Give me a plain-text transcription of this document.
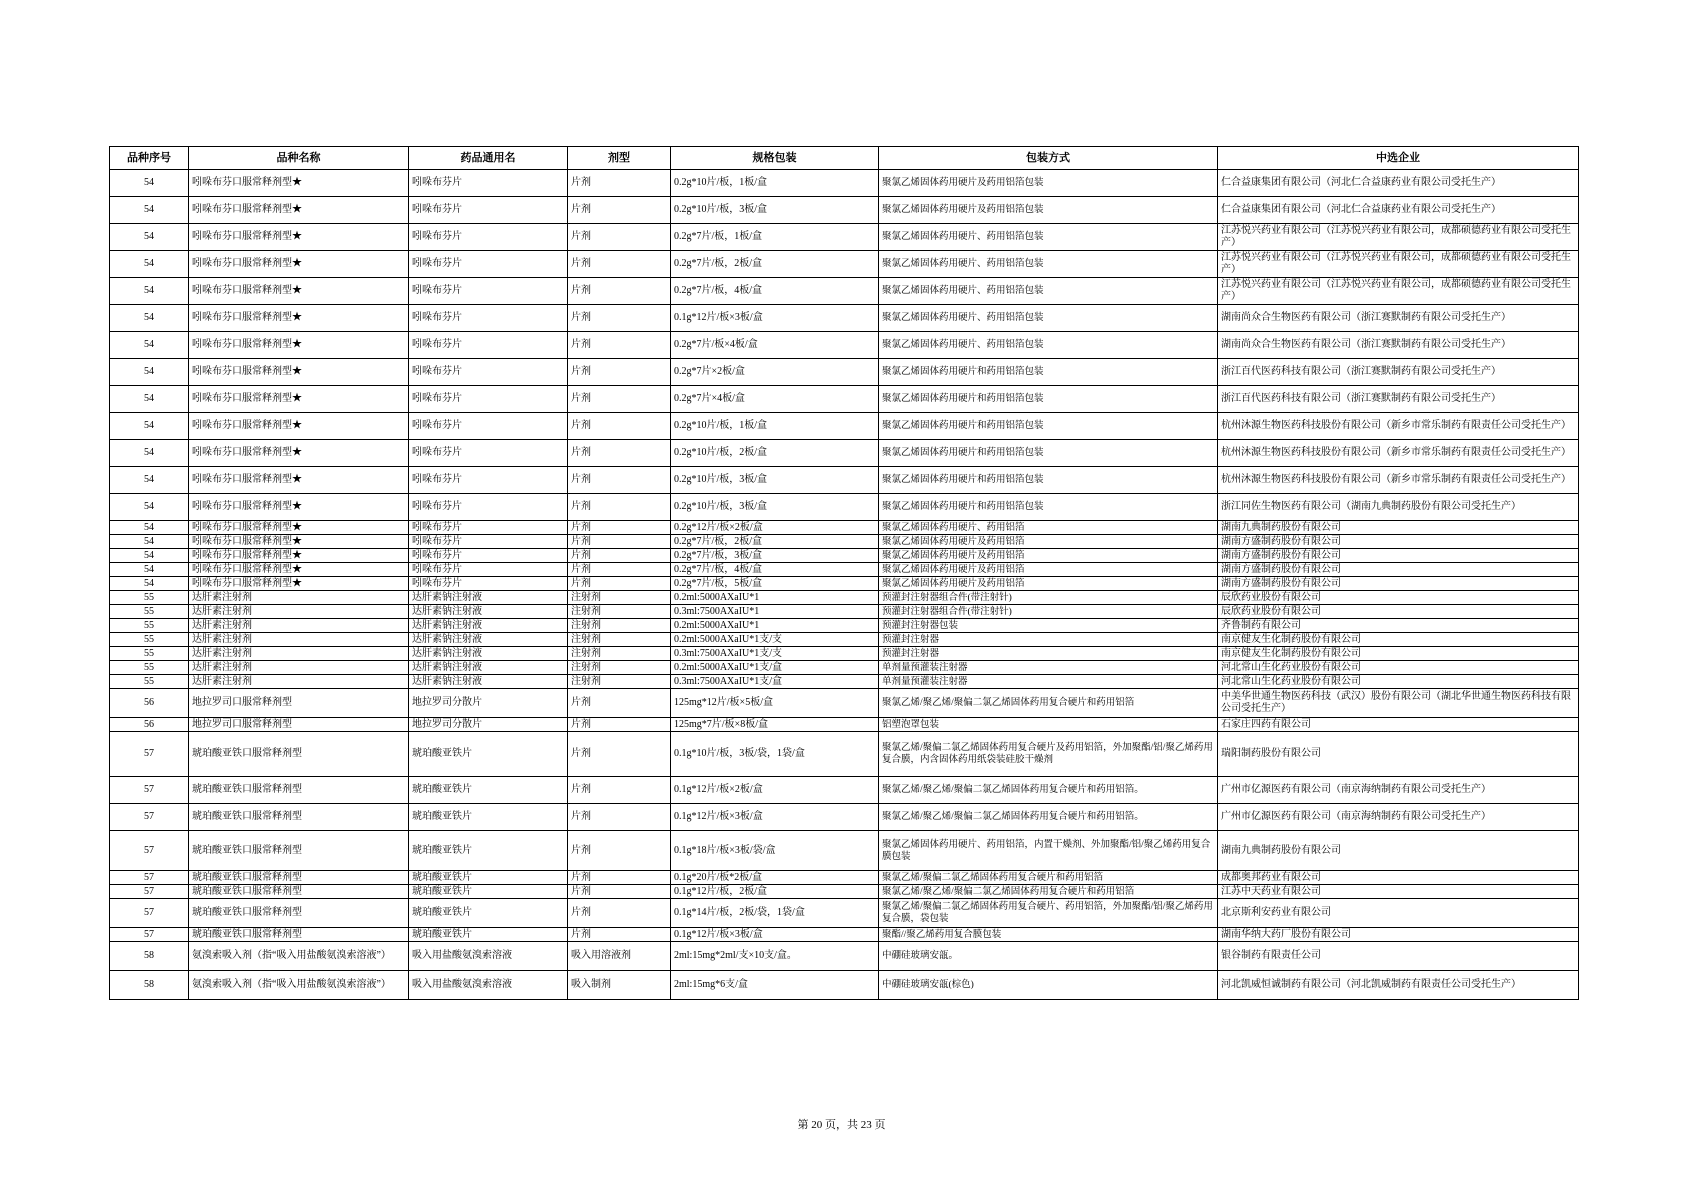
品种序号	品种名称	药品通用名	剂型	规格包装	包装方式	中选企业
54	吲哚布芬口服常释剂型★	吲哚布芬片	片剂	0.2g*10片/板，1板/盒	聚氯乙烯固体药用硬片及药用铝箔包装	仁合益康集团有限公司（河北仁合益康药业有限公司受托生产）
54	吲哚布芬口服常释剂型★	吲哚布芬片	片剂	0.2g*10片/板，3板/盒	聚氯乙烯固体药用硬片及药用铝箔包装	仁合益康集团有限公司（河北仁合益康药业有限公司受托生产）
54	吲哚布芬口服常释剂型★	吲哚布芬片	片剂	0.2g*7片/板，1板/盒	聚氯乙烯固体药用硬片、药用铝箔包装	江苏悦兴药业有限公司（江苏悦兴药业有限公司，成都硕德药业有限公司受托生产）
54	吲哚布芬口服常释剂型★	吲哚布芬片	片剂	0.2g*7片/板，2板/盒	聚氯乙烯固体药用硬片、药用铝箔包装	江苏悦兴药业有限公司（江苏悦兴药业有限公司，成都硕德药业有限公司受托生产）
54	吲哚布芬口服常释剂型★	吲哚布芬片	片剂	0.2g*7片/板，4板/盒	聚氯乙烯固体药用硬片、药用铝箔包装	江苏悦兴药业有限公司（江苏悦兴药业有限公司，成都硕德药业有限公司受托生产）
54	吲哚布芬口服常释剂型★	吲哚布芬片	片剂	0.1g*12片/板×3板/盒	聚氯乙烯固体药用硬片、药用铝箔包装	湖南尚众合生物医药有限公司（浙江赛默制药有限公司受托生产）
54	吲哚布芬口服常释剂型★	吲哚布芬片	片剂	0.2g*7片/板×4板/盒	聚氯乙烯固体药用硬片、药用铝箔包装	湖南尚众合生物医药有限公司（浙江赛默制药有限公司受托生产）
54	吲哚布芬口服常释剂型★	吲哚布芬片	片剂	0.2g*7片×2板/盒	聚氯乙烯固体药用硬片和药用铝箔包装	浙江百代医药科技有限公司（浙江赛默制药有限公司受托生产）
54	吲哚布芬口服常释剂型★	吲哚布芬片	片剂	0.2g*7片×4板/盒	聚氯乙烯固体药用硬片和药用铝箔包装	浙江百代医药科技有限公司（浙江赛默制药有限公司受托生产）
54	吲哚布芬口服常释剂型★	吲哚布芬片	片剂	0.2g*10片/板，1板/盒	聚氯乙烯固体药用硬片和药用铝箔包装	杭州沐源生物医药科技股份有限公司（新乡市常乐制药有限责任公司受托生产）
54	吲哚布芬口服常释剂型★	吲哚布芬片	片剂	0.2g*10片/板，2板/盒	聚氯乙烯固体药用硬片和药用铝箔包装	杭州沐源生物医药科技股份有限公司（新乡市常乐制药有限责任公司受托生产）
54	吲哚布芬口服常释剂型★	吲哚布芬片	片剂	0.2g*10片/板，3板/盒	聚氯乙烯固体药用硬片和药用铝箔包装	杭州沐源生物医药科技股份有限公司（新乡市常乐制药有限责任公司受托生产）
54	吲哚布芬口服常释剂型★	吲哚布芬片	片剂	0.2g*10片/板，3板/盒	聚氯乙烯固体药用硬片和药用铝箔包装	浙江同佐生物医药有限公司（湖南九典制药股份有限公司受托生产）
54	吲哚布芬口服常释剂型★	吲哚布芬片	片剂	0.2g*12片/板×2板/盒	聚氯乙烯固体药用硬片、药用铝箔	湖南九典制药股份有限公司
54	吲哚布芬口服常释剂型★	吲哚布芬片	片剂	0.2g*7片/板，2板/盒	聚氯乙烯固体药用硬片及药用铝箔	湖南方盛制药股份有限公司
54	吲哚布芬口服常释剂型★	吲哚布芬片	片剂	0.2g*7片/板，3板/盒	聚氯乙烯固体药用硬片及药用铝箔	湖南方盛制药股份有限公司
54	吲哚布芬口服常释剂型★	吲哚布芬片	片剂	0.2g*7片/板，4板/盒	聚氯乙烯固体药用硬片及药用铝箔	湖南方盛制药股份有限公司
54	吲哚布芬口服常释剂型★	吲哚布芬片	片剂	0.2g*7片/板，5板/盒	聚氯乙烯固体药用硬片及药用铝箔	湖南方盛制药股份有限公司
55	达肝素注射剂	达肝素钠注射液	注射剂	0.2ml:5000AXaIU*1	预灌封注射器组合件(带注射针)	辰欣药业股份有限公司
55	达肝素注射剂	达肝素钠注射液	注射剂	0.3ml:7500AXaIU*1	预灌封注射器组合件(带注射针)	辰欣药业股份有限公司
55	达肝素注射剂	达肝素钠注射液	注射剂	0.2ml:5000AXaIU*1	预灌封注射器包装	齐鲁制药有限公司
55	达肝素注射剂	达肝素钠注射液	注射剂	0.2ml:5000AXaIU*1支/支	预灌封注射器	南京健友生化制药股份有限公司
55	达肝素注射剂	达肝素钠注射液	注射剂	0.3ml:7500AXaIU*1支/支	预灌封注射器	南京健友生化制药股份有限公司
55	达肝素注射剂	达肝素钠注射液	注射剂	0.2ml:5000AXaIU*1支/盒	单剂量预灌装注射器	河北常山生化药业股份有限公司
55	达肝素注射剂	达肝素钠注射液	注射剂	0.3ml:7500AXaIU*1支/盒	单剂量预灌装注射器	河北常山生化药业股份有限公司
56	地拉罗司口服常释剂型	地拉罗司分散片	片剂	125mg*12片/板×5板/盒	聚氯乙烯/聚乙烯/聚偏二氯乙烯固体药用复合硬片和药用铝箔	中美华世通生物医药科技（武汉）股份有限公司（湖北华世通生物医药科技有限公司受托生产）
56	地拉罗司口服常释剂型	地拉罗司分散片	片剂	125mg*7片/板×8板/盒	铝塑泡罩包装	石家庄四药有限公司
57	琥珀酸亚铁口服常释剂型	琥珀酸亚铁片	片剂	0.1g*10片/板，3板/袋，1袋/盒	聚氯乙烯/聚偏二氯乙烯固体药用复合硬片及药用铝箔，外加聚酯/铝/聚乙烯药用复合膜，内含固体药用纸袋装硅胶干燥剂	瑞阳制药股份有限公司
57	琥珀酸亚铁口服常释剂型	琥珀酸亚铁片	片剂	0.1g*12片/板×2板/盒	聚氯乙烯/聚乙烯/聚偏二氯乙烯固体药用复合硬片和药用铝箔。	广州市亿源医药有限公司（南京海纳制药有限公司受托生产）
57	琥珀酸亚铁口服常释剂型	琥珀酸亚铁片	片剂	0.1g*12片/板×3板/盒	聚氯乙烯/聚乙烯/聚偏二氯乙烯固体药用复合硬片和药用铝箔。	广州市亿源医药有限公司（南京海纳制药有限公司受托生产）
57	琥珀酸亚铁口服常释剂型	琥珀酸亚铁片	片剂	0.1g*18片/板×3板/袋/盒	聚氯乙烯固体药用硬片、药用铝箔，内置干燥剂、外加聚酯/铝/聚乙烯药用复合膜包装	湖南九典制药股份有限公司
57	琥珀酸亚铁口服常释剂型	琥珀酸亚铁片	片剂	0.1g*20片/板*2板/盒	聚氯乙烯/聚偏二氯乙烯固体药用复合硬片和药用铝箔	成都奥邦药业有限公司
57	琥珀酸亚铁口服常释剂型	琥珀酸亚铁片	片剂	0.1g*12片/板，2板/盒	聚氯乙烯/聚乙烯/聚偏二氯乙烯固体药用复合硬片和药用铝箔	江苏中天药业有限公司
57	琥珀酸亚铁口服常释剂型	琥珀酸亚铁片	片剂	0.1g*14片/板，2板/袋，1袋/盒	聚氯乙烯/聚偏二氯乙烯固体药用复合硬片、药用铝箔，外加聚酯/铝/聚乙烯药用复合膜，袋包装	北京斯利安药业有限公司
57	琥珀酸亚铁口服常释剂型	琥珀酸亚铁片	片剂	0.1g*12片/板×3板/盒	聚酯//聚乙烯药用复合膜包装	湖南华纳大药厂股份有限公司
58	氨溴索吸入剂（指“吸入用盐酸氨溴索溶液”）	吸入用盐酸氨溴索溶液	吸入用溶液剂	2ml:15mg*2ml/支×10支/盒。	中硼硅玻璃安瓿。	银谷制药有限责任公司
58	氨溴索吸入剂（指“吸入用盐酸氨溴索溶液”）	吸入用盐酸氨溴索溶液	吸入制剂	2ml:15mg*6支/盒	中硼硅玻璃安瓿(棕色)	河北凯威恒诚制药有限公司（河北凯威制药有限责任公司受托生产）
第 20 页，共 23 页
